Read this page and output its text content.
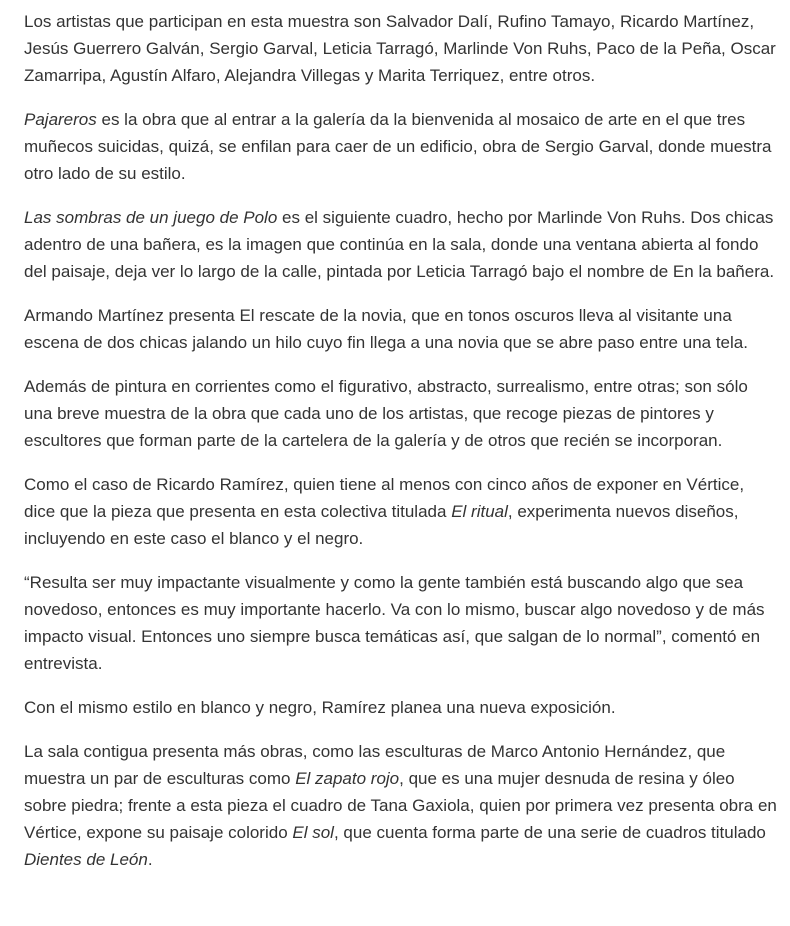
Los artistas que participan en esta muestra son Salvador Dalí, Rufino Tamayo, Ricardo Martínez, Jesús Guerrero Galván, Sergio Garval, Leticia Tarragó, Marlinde Von Ruhs, Paco de la Peña, Oscar Zamarripa, Agustín Alfaro, Alejandra Villegas y Marita Terriquez, entre otros.

Pajareros es la obra que al entrar a la galería da la bienvenida al mosaico de arte en el que tres muñecos suicidas, quizá, se enfilan para caer de un edificio, obra de Sergio Garval, donde muestra otro lado de su estilo.

Las sombras de un juego de Polo es el siguiente cuadro, hecho por Marlinde Von Ruhs. Dos chicas adentro de una bañera, es la imagen que continúa en la sala, donde una ventana abierta al fondo del paisaje, deja ver lo largo de la calle, pintada por Leticia Tarragó bajo el nombre de En la bañera.

Armando Martínez presenta El rescate de la novia, que en tonos oscuros lleva al visitante una escena de dos chicas jalando un hilo cuyo fin llega a una novia que se abre paso entre una tela.

Además de pintura en corrientes como el figurativo, abstracto, surrealismo, entre otras; son sólo una breve muestra de la obra que cada uno de los artistas, que recoge piezas de pintores y escultores que forman parte de la cartelera de la galería y de otros que recién se incorporan.

Como el caso de Ricardo Ramírez, quien tiene al menos con cinco años de exponer en Vértice, dice que la pieza que presenta en esta colectiva titulada El ritual, experimenta nuevos diseños, incluyendo en este caso el blanco y el negro.

“Resulta ser muy impactante visualmente y como la gente también está buscando algo que sea novedoso, entonces es muy importante hacerlo. Va con lo mismo, buscar algo novedoso y de más impacto visual. Entonces uno siempre busca temáticas así, que salgan de lo normal”, comentó en entrevista.

Con el mismo estilo en blanco y negro, Ramírez planea una nueva exposición.

La sala contigua presenta más obras, como las esculturas de Marco Antonio Hernández, que muestra un par de esculturas como El zapato rojo, que es una mujer desnuda de resina y óleo sobre piedra; frente a esta pieza el cuadro de Tana Gaxiola, quien por primera vez presenta obra en Vértice, expone su paisaje colorido El sol, que cuenta forma parte de una serie de cuadros titulado Dientes de León.
